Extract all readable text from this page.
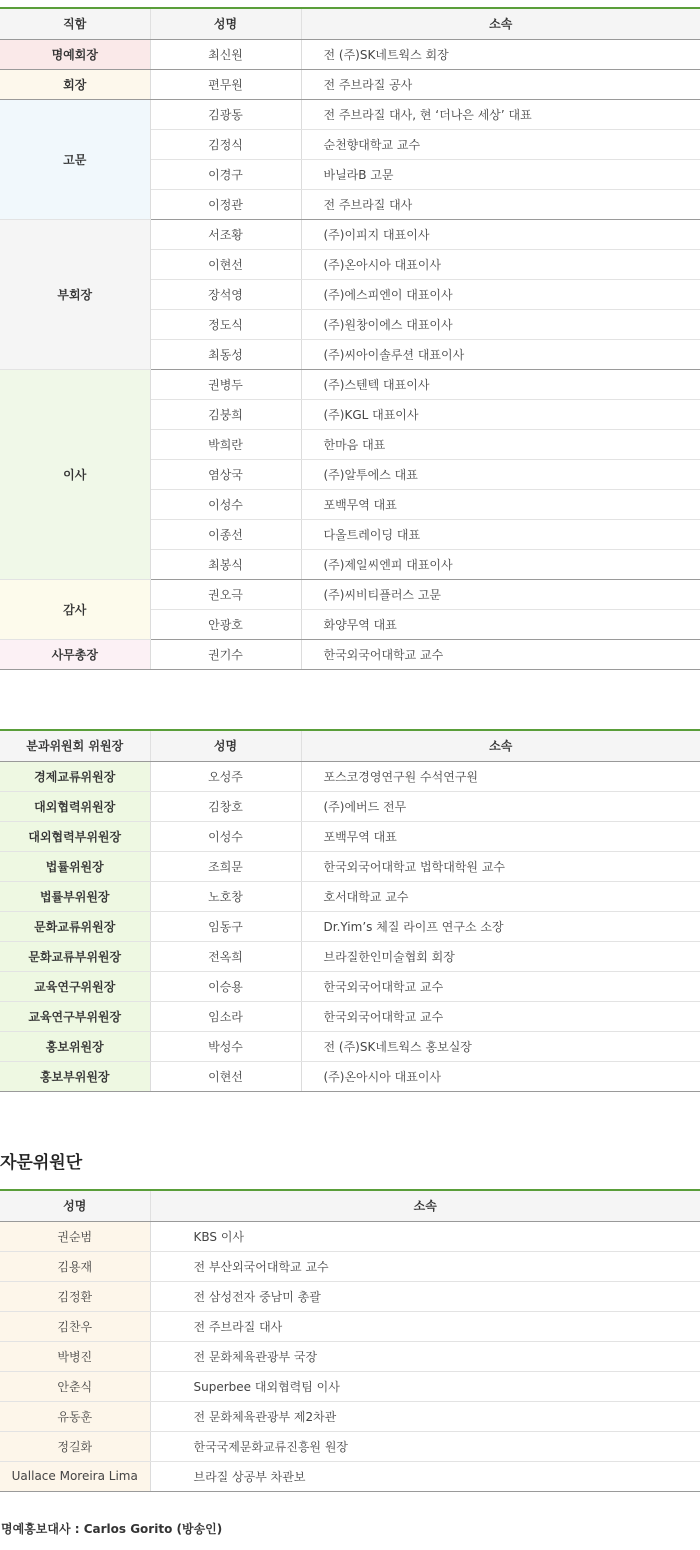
직함	성명	소속
명예회장	최신원	전 (주)SK네트웍스 회장
회장	편무원	전 주브라질 공사
고문	김광동	전 주브라질 대사, 현 ‘더나은 세상’ 대표
	김정식	순천향대학교 교수
	이경구	바닐라B 고문
	이정관	전 주브라질 대사
부회장	서조황	(주)이피지 대표이사
	이현선	(주)온아시아 대표이사
	장석영	(주)에스피엔이 대표이사
	정도식	(주)원창이에스 대표이사
	최동성	(주)씨아이솔루션 대표이사
이사	권병두	(주)스텐텍 대표이사
	김붕희	(주)KGL 대표이사
	박희란	한마음 대표
	염상국	(주)알투에스 대표
	이성수	포백무역 대표
	이종선	다올트레이딩 대표
	최봉식	(주)제일씨엔피 대표이사
감사	권오극	(주)씨비티플러스 고문
	안광호	화양무역 대표
사무총장	권기수	한국외국어대학교 교수
분과위원회 위원장	성명	소속
경제교류위원장	오성주	포스코경영연구원 수석연구원
대외협력위원장	김창호	(주)에버드 전무
대외협력부위원장	이성수	포백무역 대표
법률위원장	조희문	한국외국어대학교 법학대학원 교수
법률부위원장	노호창	호서대학교 교수
문화교류위원장	임동구	Dr.Yim’s 체질 라이프 연구소 소장
문화교류부위원장	전옥희	브라질한인미술협회 회장
교육연구위원장	이승용	한국외국어대학교 교수
교육연구부위원장	임소라	한국외국어대학교 교수
홍보위원장	박성수	전 (주)SK네트웍스 홍보실장
홍보부위원장	이현선	(주)온아시아 대표이사
자문위원단
성명	소속
권순범	KBS 이사
김용재	전 부산외국어대학교 교수
김정환	전 삼성전자 중남미 총괄
김찬우	전 주브라질 대사
박병진	전 문화체육관광부 국장
안춘식	Superbee 대외협력팀 이사
유동훈	전 문화체육관광부 제2차관
정길화	한국국제문화교류진흥원 원장
Uallace Moreira Lima	브라질 상공부 차관보
명예홍보대사 : Carlos Gorito (방송인)
